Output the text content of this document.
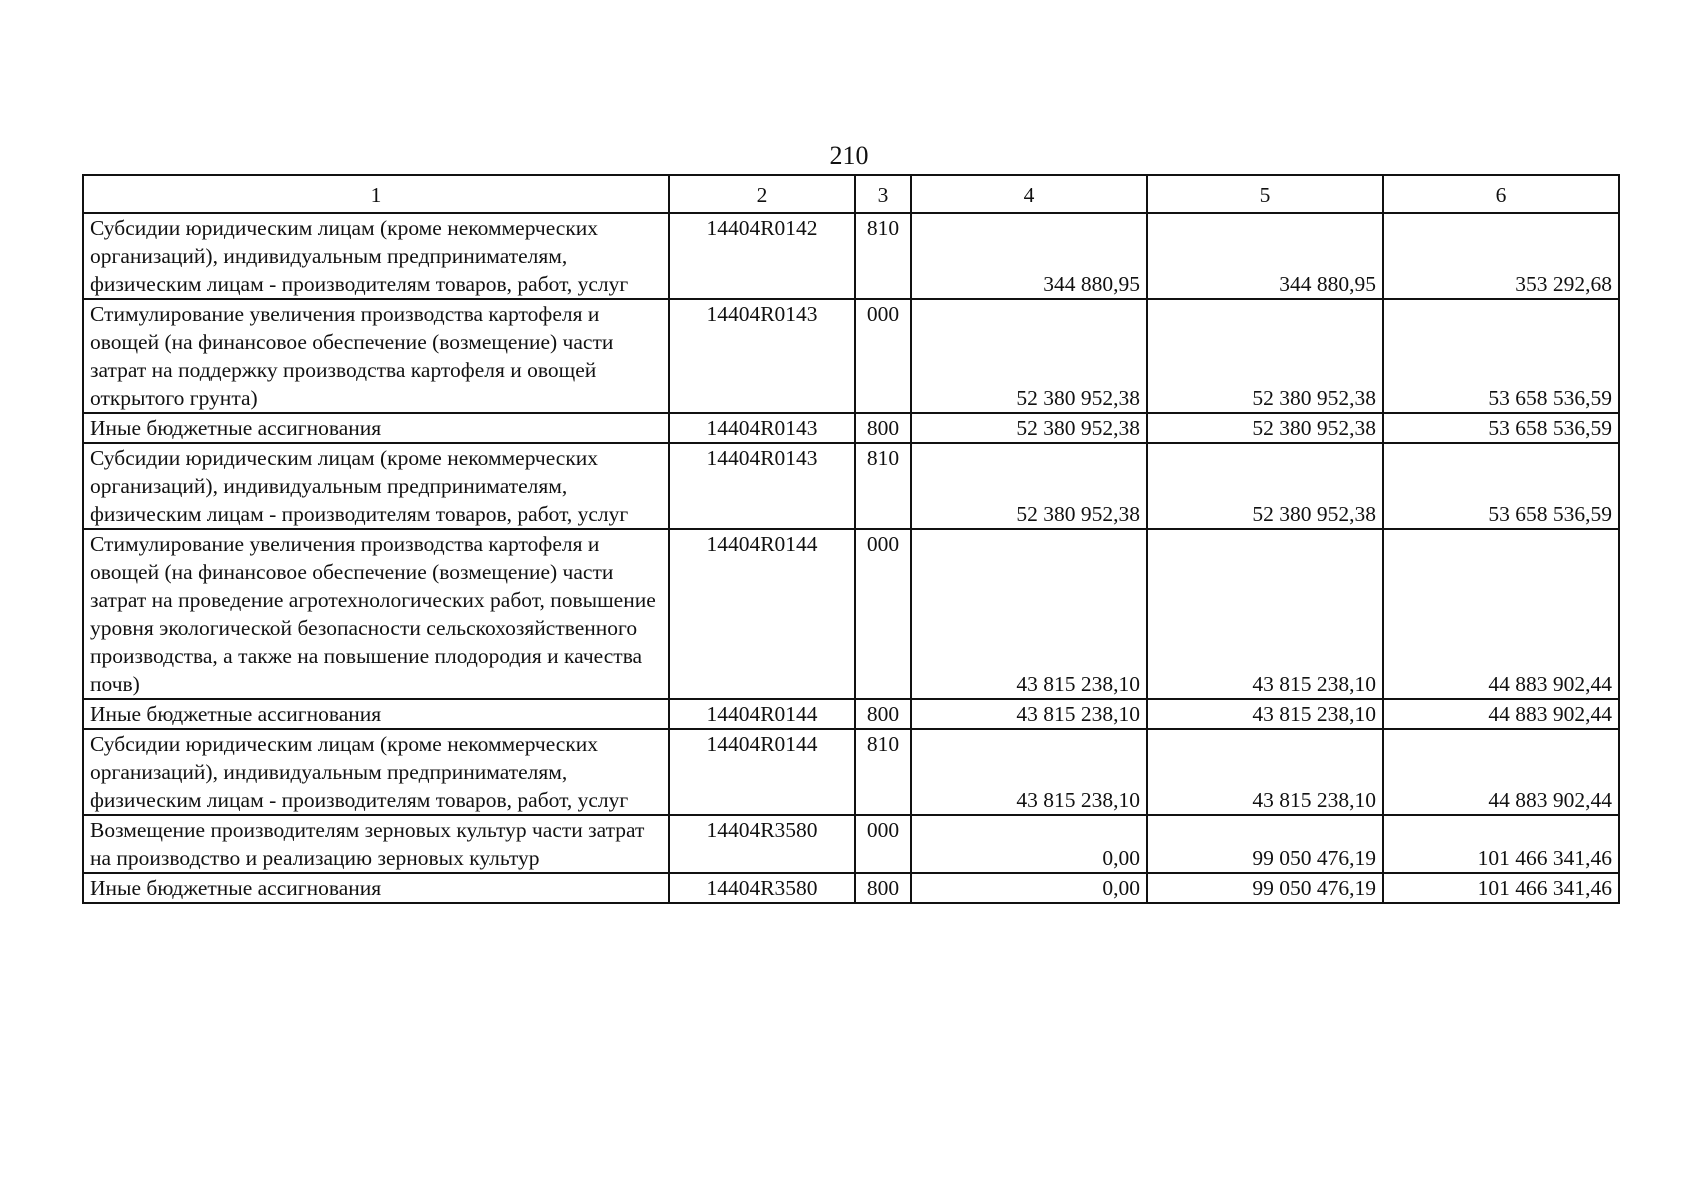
210
1	2	3	4	5	6
Субсидии юридическим лицам (кроме некоммерческих организаций), индивидуальным предпринимателям, физическим лицам - производителям товаров, работ, услуг	14404R0142	810	344 880,95	344 880,95	353 292,68
Стимулирование увеличения производства картофеля и овощей (на финансовое обеспечение (возмещение) части затрат на поддержку производства картофеля и овощей открытого грунта)	14404R0143	000	52 380 952,38	52 380 952,38	53 658 536,59
Иные бюджетные ассигнования	14404R0143	800	52 380 952,38	52 380 952,38	53 658 536,59
Субсидии юридическим лицам (кроме некоммерческих организаций), индивидуальным предпринимателям, физическим лицам - производителям товаров, работ, услуг	14404R0143	810	52 380 952,38	52 380 952,38	53 658 536,59
Стимулирование увеличения производства картофеля и овощей (на финансовое обеспечение (возмещение) части затрат на проведение агротехнологических работ, повышение уровня экологической безопасности сельскохозяйственного производства, а также на повышение плодородия и качества почв)	14404R0144	000	43 815 238,10	43 815 238,10	44 883 902,44
Иные бюджетные ассигнования	14404R0144	800	43 815 238,10	43 815 238,10	44 883 902,44
Субсидии юридическим лицам (кроме некоммерческих организаций), индивидуальным предпринимателям, физическим лицам - производителям товаров, работ, услуг	14404R0144	810	43 815 238,10	43 815 238,10	44 883 902,44
Возмещение производителям зерновых культур части затрат на производство и реализацию зерновых культур	14404R3580	000	0,00	99 050 476,19	101 466 341,46
Иные бюджетные ассигнования	14404R3580	800	0,00	99 050 476,19	101 466 341,46
